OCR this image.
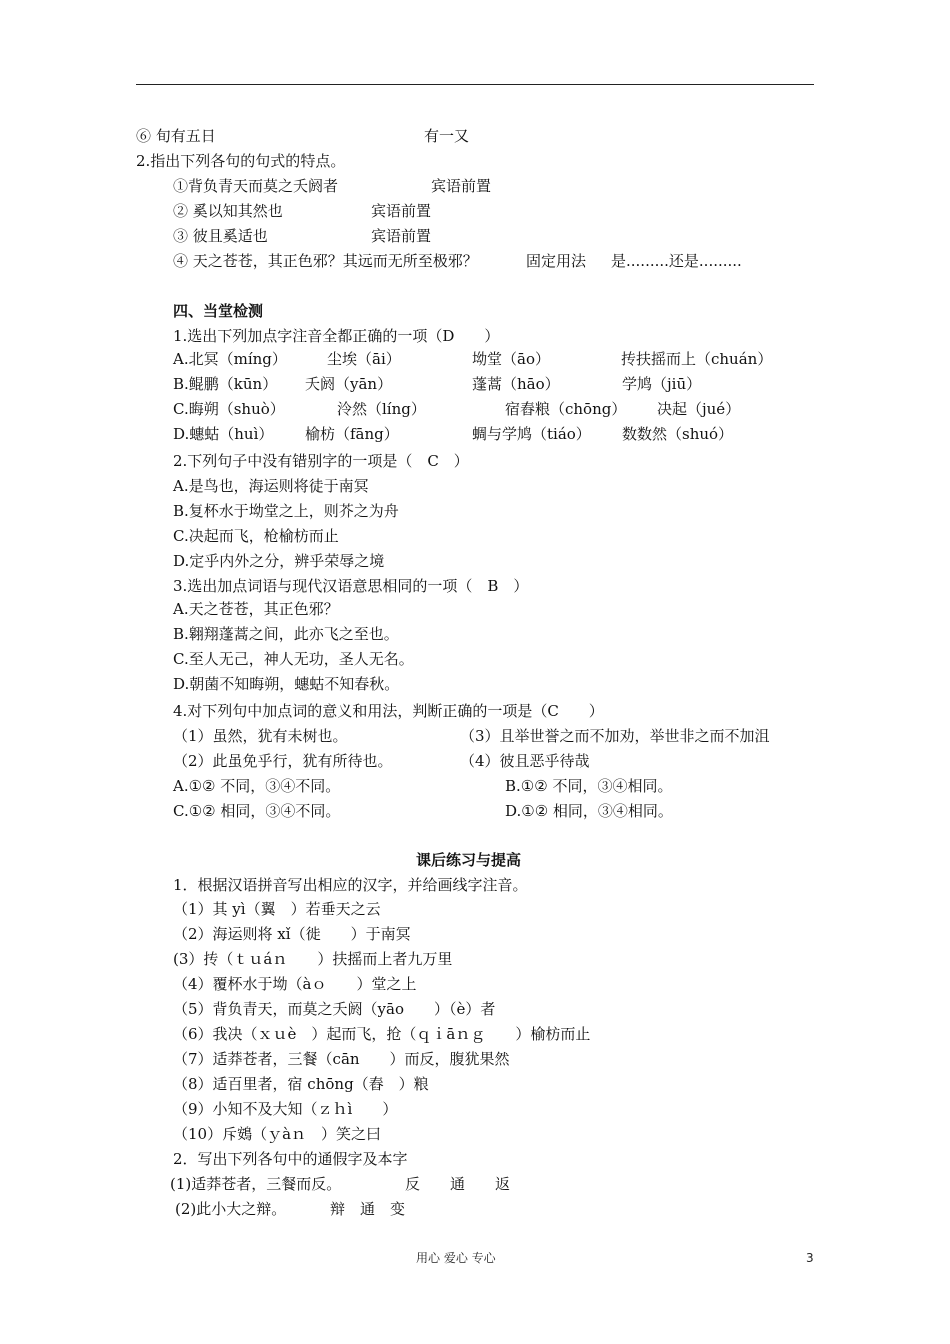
⑥ 旬有五日	有一又
2.指出下列各句的句式的特点。
①背负青天而莫之夭阏者	宾语前置
② 奚以知其然也	宾语前置
③ 彼且奚适也	宾语前置
④ 天之苍苍，其正色邪？其远而无所至极邪？	固定用法 是.........还是.........
四、当堂检测
1.选出下列加点字注音全都正确的一项（D　　）
A.北冥（míng）	尘埃（āi）	坳堂（āo）	抟扶摇而上（chuán）
B.鲲鹏（kūn） 夭阏（yān）	蓬蒿（hāo）	学鸠（jiū）
C.晦朔（shuò）	泠然（líng）	宿舂粮（chōng） 决起（jué）
D.蟪蛄（huì） 榆枋（fāng）	蜩与学鸠（tiáo） 数数然（shuó）
2.下列句子中没有错别字的一项是（　C　）
A.是鸟也，海运则将徒于南冥
B.复杯水于坳堂之上，则芥之为舟
C.决起而飞，枪榆枋而止
D.定乎内外之分，辨乎荣辱之境
3.选出加点词语与现代汉语意思相同的一项（　B　）
A.天之苍苍，其正色邪？
B.翱翔蓬蒿之间，此亦飞之至也。
C.至人无己，神人无功，圣人无名。
D.朝菌不知晦朔，蟪蛄不知春秋。
4.对下列句中加点词的意义和用法，判断正确的一项是（C　　）
（1）虽然，犹有未树也。	（3）且举世誉之而不加劝，举世非之而不加沮
（2）此虽免乎行，犹有所待也。	（4）彼且恶乎待哉
A.①② 不同，③④不同。	B.①② 不同，③④相同。
C.①② 相同，③④不同。	D.①② 相同，③④相同。
课后练习与提高
1．根据汉语拼音写出相应的汉字，并给画线字注音。
（1）其 yì（翼　）若垂天之云
（2）海运则将 xǐ（徙　　）于南冥
(3）抟（ｔｕáｎ　　）扶摇而上者九万里
（4）覆杯水于坳（àｏ　　）堂之上
（5）背负青天，而莫之夭阏（yāo　　）（è）者
（6）我决（ｘｕè　）起而飞，抢（ｑｉāｎｇ　　）榆枋而止
（7）适莽苍者，三餐（cān　　）而反，腹犹果然
（8）适百里者，宿 chōng（舂　）粮
（9）小知不及大知（ｚｈì　　）
（10）斥鴳（ｙàｎ　）笑之曰
2．写出下列各句中的通假字及本字
(1)适莽苍者，三餐而反。	反　　通　　返
(2)此小大之辩。	辩　通　变
用心 爱心 专心	3
